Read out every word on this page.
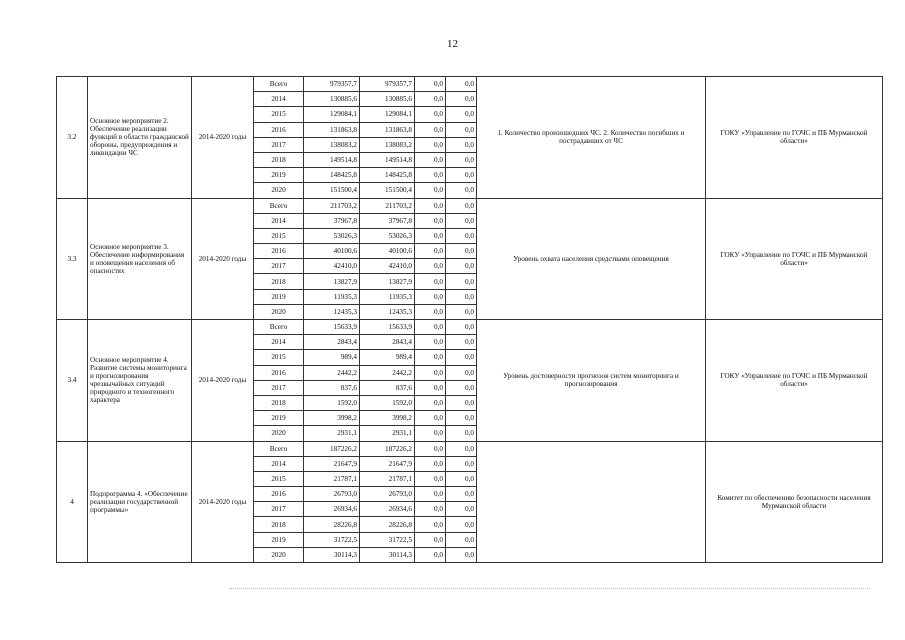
12
3.2	Основное мероприятие 2. Обеспечение реализации функций в области гражданской обороны, предупреждения и ликвидации ЧС	2014-2020 годы	Всего	979357,7	979357,7	0,0	0,0	1. Количество произошедших ЧС. 2. Количество погибших и пострадавших от ЧС	ГОКУ «Управление по ГОЧС и ПБ Мурманской области»
			2014	130885,6	130885,6	0,0	0,0		
			2015	129084,1	129084,1	0,0	0,0		
			2016	131863,8	131863,8	0,0	0,0		
			2017	138083,2	138083,2	0,0	0,0		
			2018	149514,8	149514,8	0,0	0,0		
			2019	148425,8	148425,8	0,0	0,0		
			2020	151500,4	151500,4	0,0	0,0		
3.3	Основное мероприятие 3. Обеспечение информирования и оповещения населения об опасностях	2014-2020 годы	Всего	211703,2	211703,2	0,0	0,0	Уровень охвата населения средствами оповещения	ГОКУ «Управление по ГОЧС и ПБ Мурманской области»
			2014	37967,8	37967,8	0,0	0,0		
			2015	53026,3	53026,3	0,0	0,0		
			2016	40100,6	40100,6	0,0	0,0		
			2017	42410,0	42410,0	0,0	0,0		
			2018	13827,9	13827,9	0,0	0,0		
			2019	11935,3	11935,3	0,0	0,0		
			2020	12435,3	12435,3	0,0	0,0		
3.4	Основное мероприятие 4. Развитие системы мониторинга и прогнозирования чрезвычайных ситуаций природного и техногенного характера	2014-2020 годы	Всего	15633,9	15633,9	0,0	0,0	Уровень достоверности прогнозов систем мониторинга и прогнозирования	ГОКУ «Управление по ГОЧС и ПБ Мурманской области»
			2014	2843,4	2843,4	0,0	0,0		
			2015	989,4	989,4	0,0	0,0		
			2016	2442,2	2442,2	0,0	0,0		
			2017	837,6	837,6	0,0	0,0		
			2018	1592,0	1592,0	0,0	0,0		
			2019	3998,2	3998,2	0,0	0,0		
			2020	2931,1	2931,1	0,0	0,0		
4	Подпрограмма 4. «Обеспечение реализации государственной программы»	2014-2020 годы	Всего	187226,2	187226,2	0,0	0,0		Комитет по обеспечению безопасности населения Мурманской области
			2014	21647,9	21647,9	0,0	0,0		
			2015	21787,1	21787,1	0,0	0,0		
			2016	26793,0	26793,0	0,0	0,0		
			2017	26934,6	26934,6	0,0	0,0		
			2018	28226,8	28226,8	0,0	0,0		
			2019	31722,5	31722,5	0,0	0,0		
			2020	30114,3	30114,3	0,0	0,0		
